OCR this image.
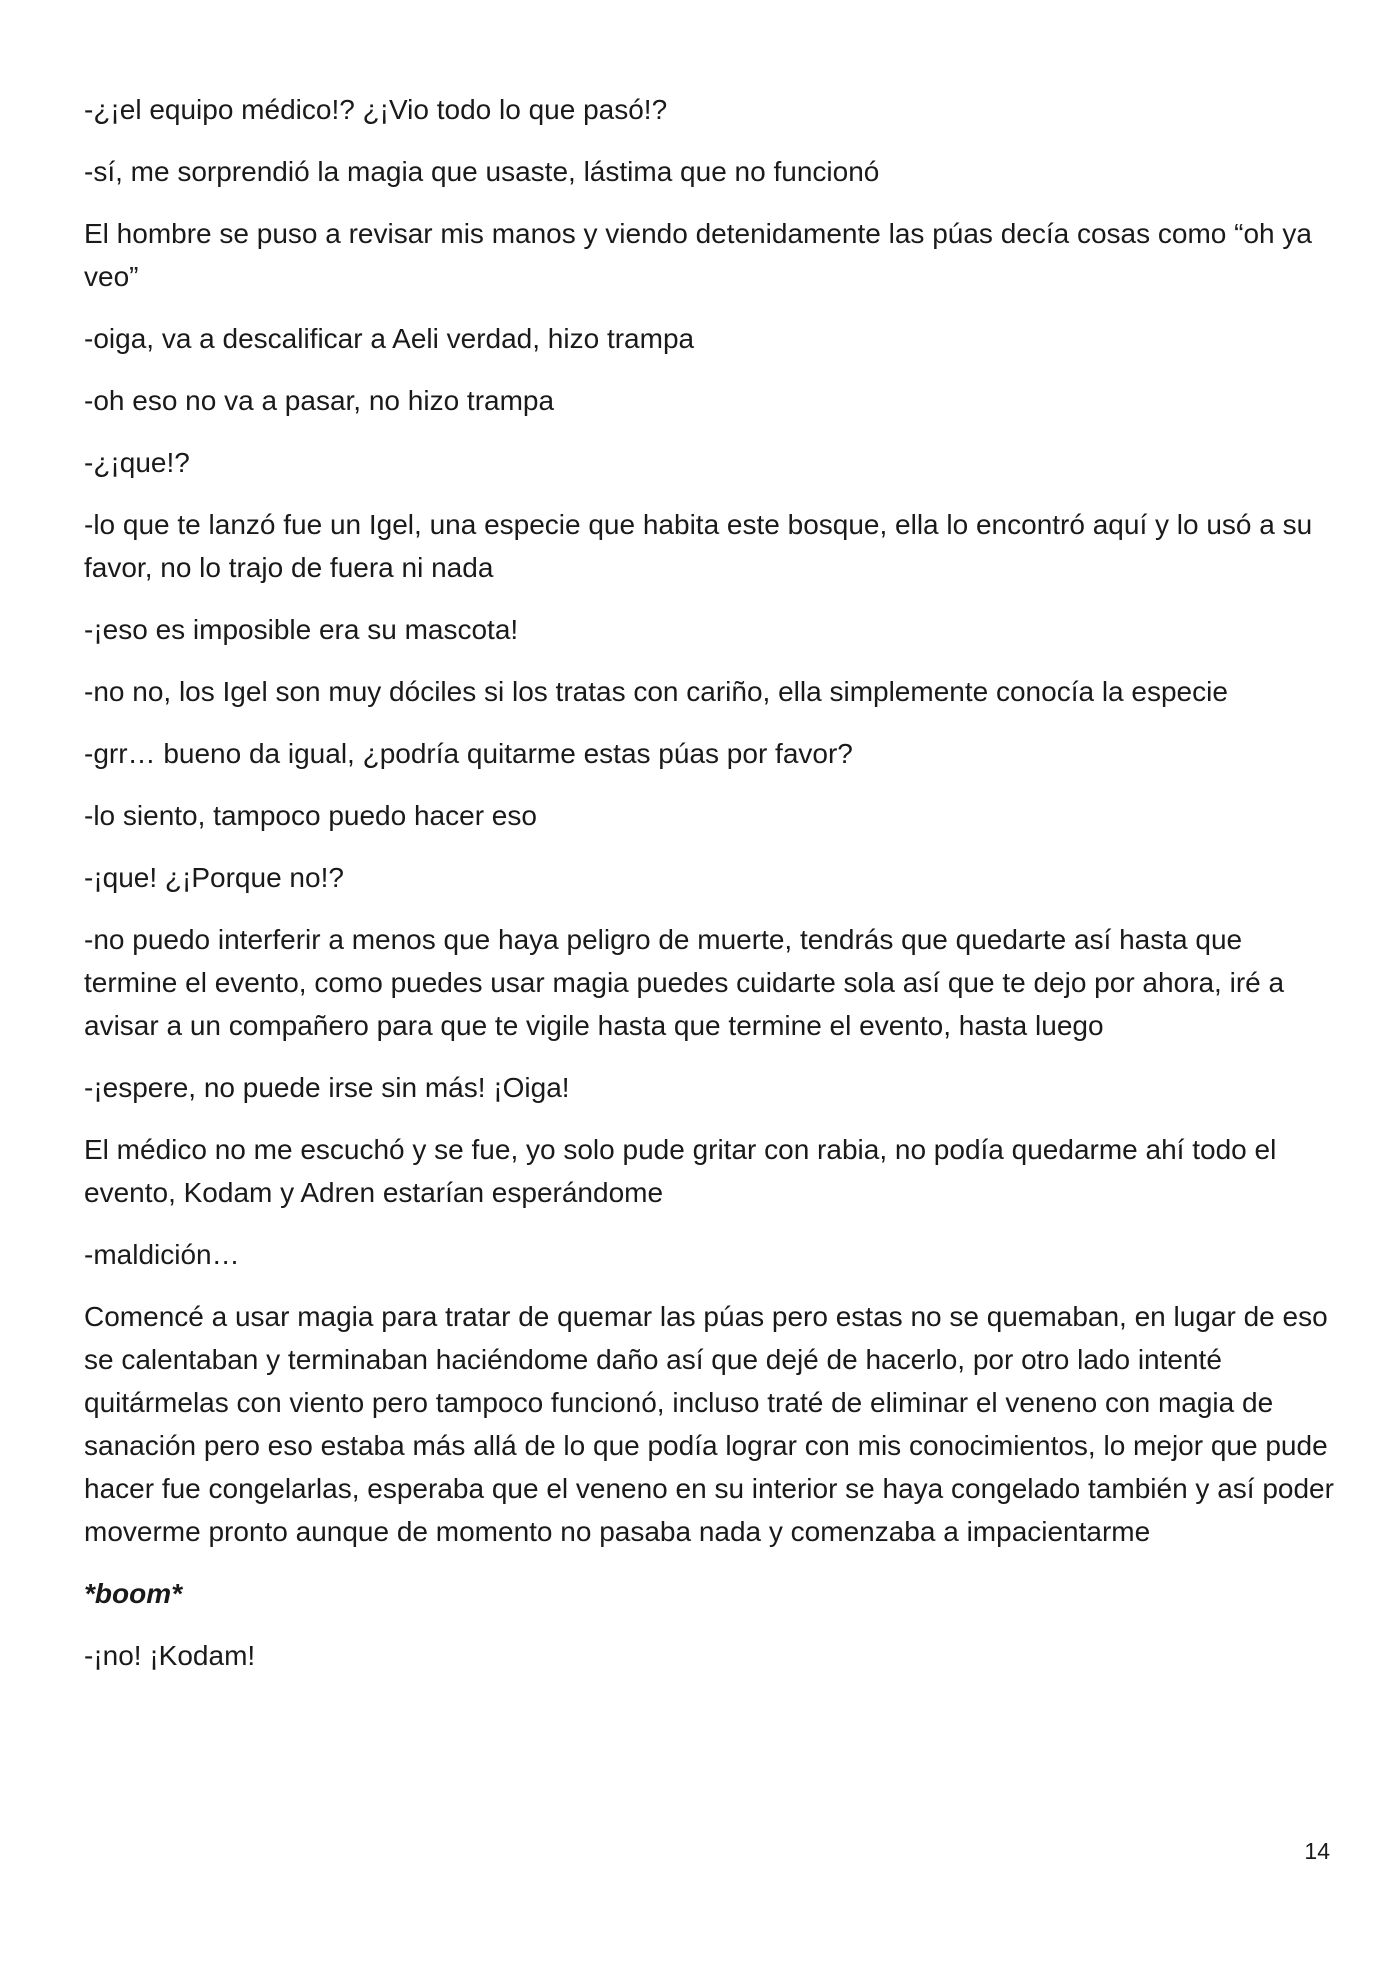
-¿¡el equipo médico!? ¿¡Vio todo lo que pasó!?

-sí, me sorprendió la magia que usaste, lástima que no funcionó

El hombre se puso a revisar mis manos y viendo detenidamente las púas decía cosas como “oh ya veo”

-oiga, va a descalificar a Aeli verdad, hizo trampa

-oh eso no va a pasar, no hizo trampa

-¿¡que!?

-lo que te lanzó fue un Igel, una especie que habita este bosque, ella lo encontró aquí y lo usó a su favor, no lo trajo de fuera ni nada

-¡eso es imposible era su mascota!

-no no, los Igel son muy dóciles si los tratas con cariño, ella simplemente conocía la especie

-grr… bueno da igual, ¿podría quitarme estas púas por favor?

-lo siento, tampoco puedo hacer eso

-¡que! ¿¡Porque no!?

-no puedo interferir a menos que haya peligro de muerte, tendrás que quedarte así hasta que termine el evento, como puedes usar magia puedes cuidarte sola así que te dejo por ahora, iré a avisar a un compañero para que te vigile hasta que termine el evento, hasta luego

-¡espere, no puede irse sin más! ¡Oiga!

El médico no me escuchó y se fue, yo solo pude gritar con rabia, no podía quedarme ahí todo el evento, Kodam y Adren estarían esperándome

-maldición…

Comencé a usar magia para tratar de quemar las púas pero estas no se quemaban, en lugar de eso se calentaban y terminaban haciéndome daño así que dejé de hacerlo, por otro lado intenté quitármelas con viento pero tampoco funcionó, incluso traté de eliminar el veneno con magia de sanación pero eso estaba más allá de lo que podía lograr con mis conocimientos, lo mejor que pude hacer fue congelarlas, esperaba que el veneno en su interior se haya congelado también y así poder moverme pronto aunque de momento no pasaba nada y comenzaba a impacientarme

*boom*

-¡no! ¡Kodam!

14
